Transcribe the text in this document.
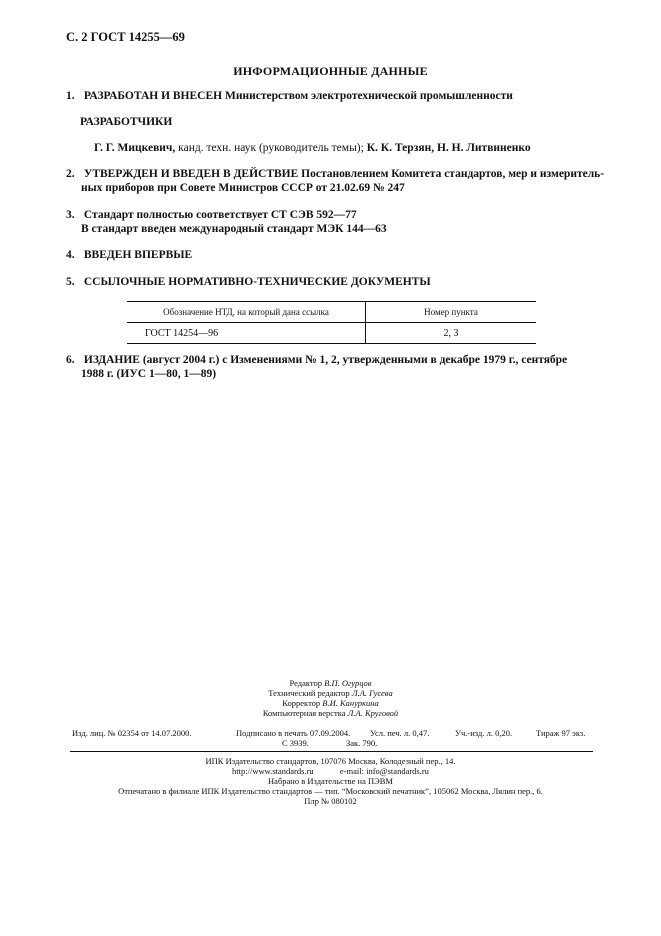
С. 2 ГОСТ 14255—69
ИНФОРМАЦИОННЫЕ ДАННЫЕ
1. РАЗРАБОТАН И ВНЕСЕН Министерством электротехнической промышленности
РАЗРАБОТЧИКИ
Г. Г. Мицкевич, канд. техн. наук (руководитель темы); К. К. Терзян, Н. Н. Литвиненко
2. УТВЕРЖДЕН И ВВЕДЕН В ДЕЙСТВИЕ Постановлением Комитета стандартов, мер и измеритель-
ных приборов при Совете Министров СССР от 21.02.69 № 247
3. Стандарт полностью соответствует СТ СЭВ 592—77
В стандарт введен международный стандарт МЭК 144—63
4. ВВЕДЕН ВПЕРВЫЕ
5. ССЫЛОЧНЫЕ НОРМАТИВНО-ТЕХНИЧЕСКИЕ ДОКУМЕНТЫ
Обозначение НТД, на который дана ссылка	Номер пункта
ГОСТ 14254—96	2, 3
6. ИЗДАНИЕ (август 2004 г.) с Изменениями № 1, 2, утвержденными в декабре 1979 г., сентябре
1988 г. (ИУС 1—80, 1—89)
Редактор В.П. Огурцов
Технический редактор Л.А. Гусева
Корректор В.И. Кануркина
Компьютерная верстка Л.А. Круговой
Изд. лиц. № 02354 от 14.07.2000.	Подписано в печать 07.09.2004. Усл. печ. л. 0,47.	Уч.-изд. л. 0,20.	Тираж 97 экз.
С 3939.	Зак. 790.
ИПК Издательство стандартов, 107076 Москва, Колодезный пер., 14.
http://www.standards.ru	e-mail: info@standards.ru
Набрано в Издательстве на ПЭВМ
Отпечатано в филиале ИПК Издательство стандартов — тип. “Московский печатник”, 105062 Москва, Лялин пер., 6.
Плр № 080102
